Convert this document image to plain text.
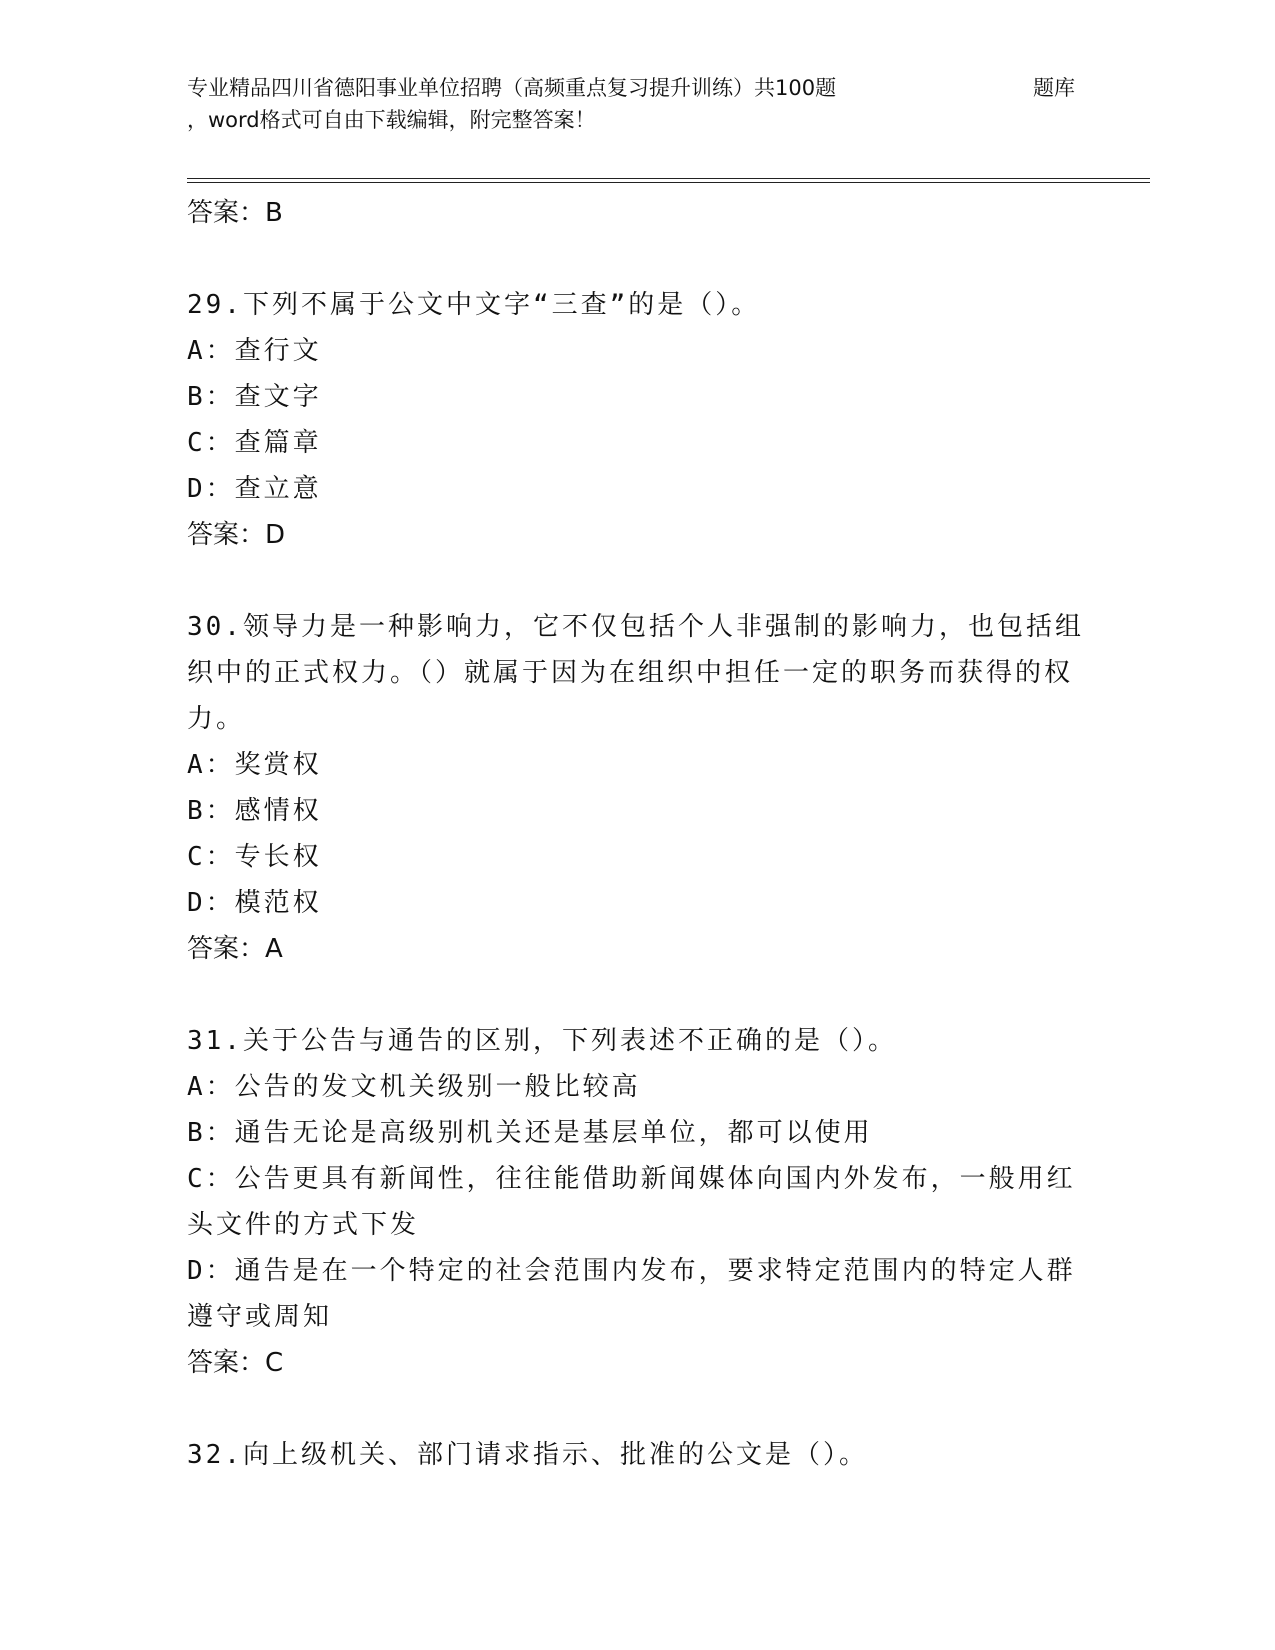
专业精品四川省德阳事业单位招聘（高频重点复习提升训练）共100题	题库
，word格式可自由下载编辑，附完整答案！
答案：B
29.下列不属于公文中文字“三查”的是（）。
A：查行文
B：查文字
C：查篇章
D：查立意
答案：D
30.领导力是一种影响力，它不仅包括个人非强制的影响力，也包括组织中的正式权力。（）就属于因为在组织中担任一定的职务而获得的权力。
A：奖赏权
B：感情权
C：专长权
D：模范权
答案：A
31.关于公告与通告的区别，下列表述不正确的是（）。
A：公告的发文机关级别一般比较高
B：通告无论是高级别机关还是基层单位，都可以使用
C：公告更具有新闻性，往往能借助新闻媒体向国内外发布，一般用红头文件的方式下发
D：通告是在一个特定的社会范围内发布，要求特定范围内的特定人群遵守或周知
答案：C
32.向上级机关、部门请求指示、批准的公文是（）。
